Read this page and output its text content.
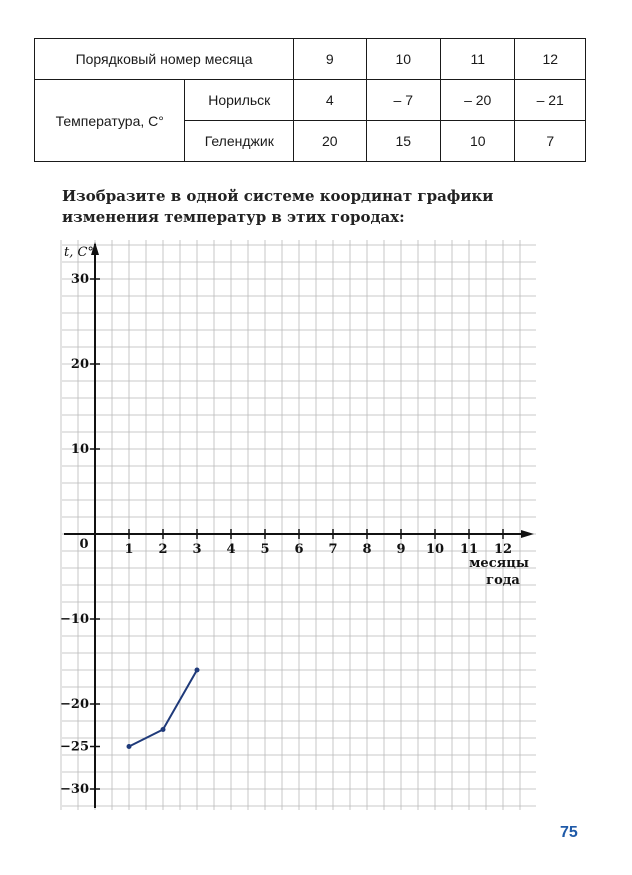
Порядковый номер месяца		9	10	11	12
Температура, С°	Норильск	4	– 7	– 20	– 21
	Геленджик	20	15	10	7
Изобразите в одной системе координат графики изменения температур в этих городах:
t, С°
месяцы
года
0	1 2 3 4 5 6 7 8 9 10 11 12
30
20
10
−10
−20
−25
−30
75
